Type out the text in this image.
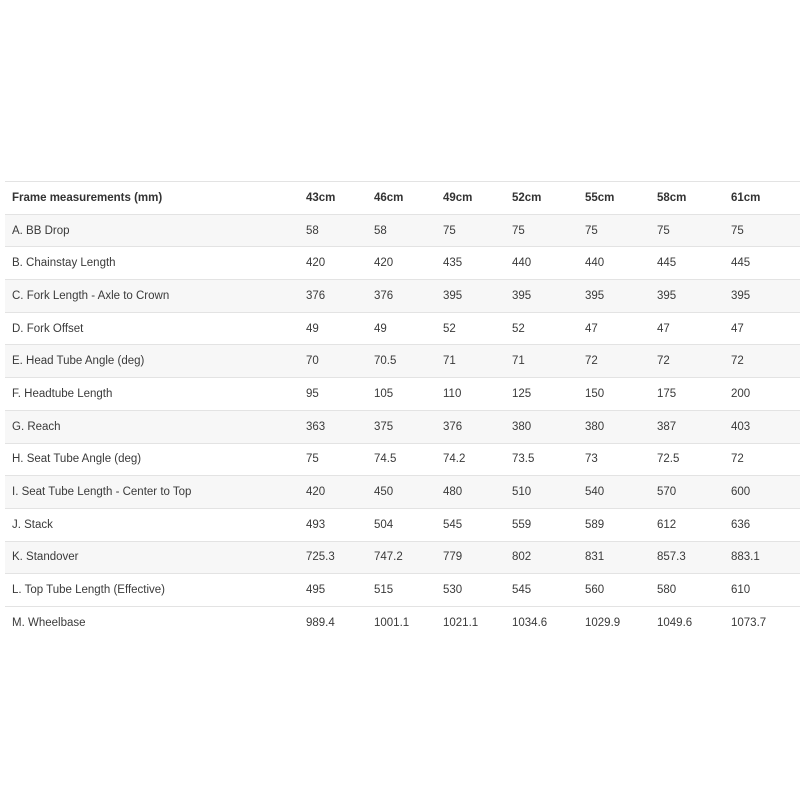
Frame measurements (mm)	43cm	46cm	49cm	52cm	55cm	58cm	61cm
A. BB Drop	58	58	75	75	75	75	75
B. Chainstay Length	420	420	435	440	440	445	445
C. Fork Length - Axle to Crown	376	376	395	395	395	395	395
D. Fork Offset	49	49	52	52	47	47	47
E. Head Tube Angle (deg)	70	70.5	71	71	72	72	72
F. Headtube Length	95	105	110	125	150	175	200
G. Reach	363	375	376	380	380	387	403
H. Seat Tube Angle (deg)	75	74.5	74.2	73.5	73	72.5	72
I. Seat Tube Length - Center to Top	420	450	480	510	540	570	600
J. Stack	493	504	545	559	589	612	636
K. Standover	725.3	747.2	779	802	831	857.3	883.1
L. Top Tube Length (Effective)	495	515	530	545	560	580	610
M. Wheelbase	989.4	1001.1	1021.1	1034.6	1029.9	1049.6	1073.7
